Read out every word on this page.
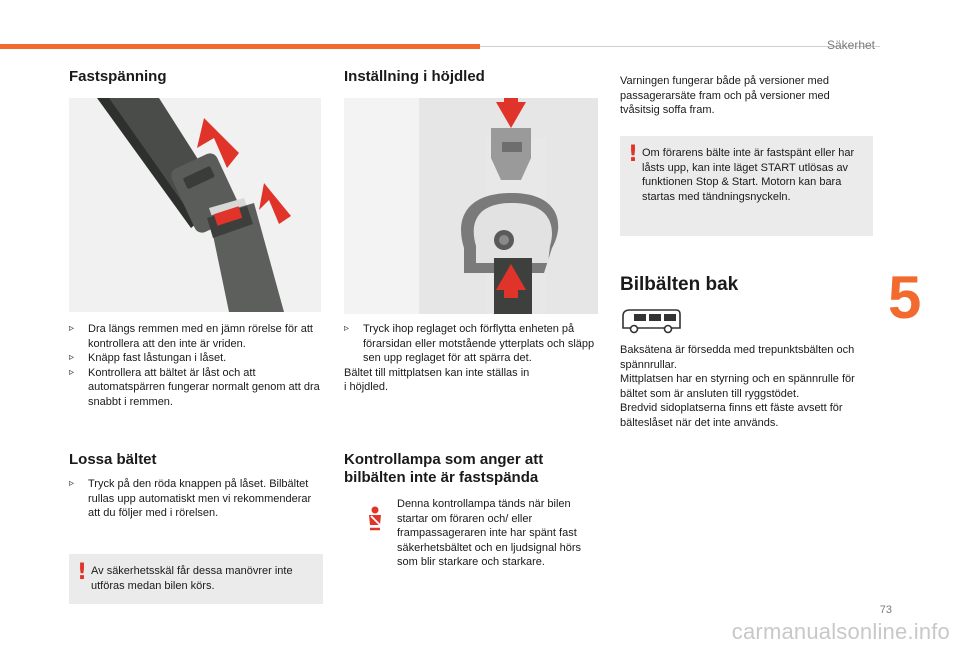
Säkerhet
5
Fastspänning
▹ Dra längs remmen med en jämn rörelse för att kontrollera att den inte är vriden.
▹ Knäpp fast låstungan i låset.
▹ Kontrollera att bältet är låst och att automatspärren fungerar normalt genom att dra snabbt i remmen.
Lossa bältet
▹ Tryck på den röda knappen på låset. Bilbältet rullas upp automatiskt men vi rekommenderar att du följer med i rörelsen.
! Av säkerhetsskäl får dessa manövrer inte utföras medan bilen körs.
Inställning i höjdled
▹ Tryck ihop reglaget och förflytta enheten på förarsidan eller motstående ytterplats och släpp sen upp reglaget för att spärra det.
Bältet till mittplatsen kan inte ställas in
i höjdled.
Kontrollampa som anger att
bilbälten inte är fastspända
Denna kontrollampa tänds när bilen startar om föraren och/ eller frampassageraren inte har spänt fast säkerhetsbältet och en ljudsignal hörs som blir starkare och starkare.
Varningen fungerar både på versioner med passagerarsäte fram och på versioner med tvåsitsig soffa fram.
! Om förarens bälte inte är fastspänt eller har låsts upp, kan inte läget START utlösas av funktionen Stop & Start. Motorn kan bara startas med tändningsnyckeln.
Bilbälten bak
Baksätena är försedda med trepunktsbälten och spännrullar.
Mittplatsen har en styrning och en spännrulle för bältet som är ansluten till ryggstödet.
Bredvid sidoplatserna finns ett fäste avsett för bälteslåset när det inte används.
73
carmanualsonline.info
